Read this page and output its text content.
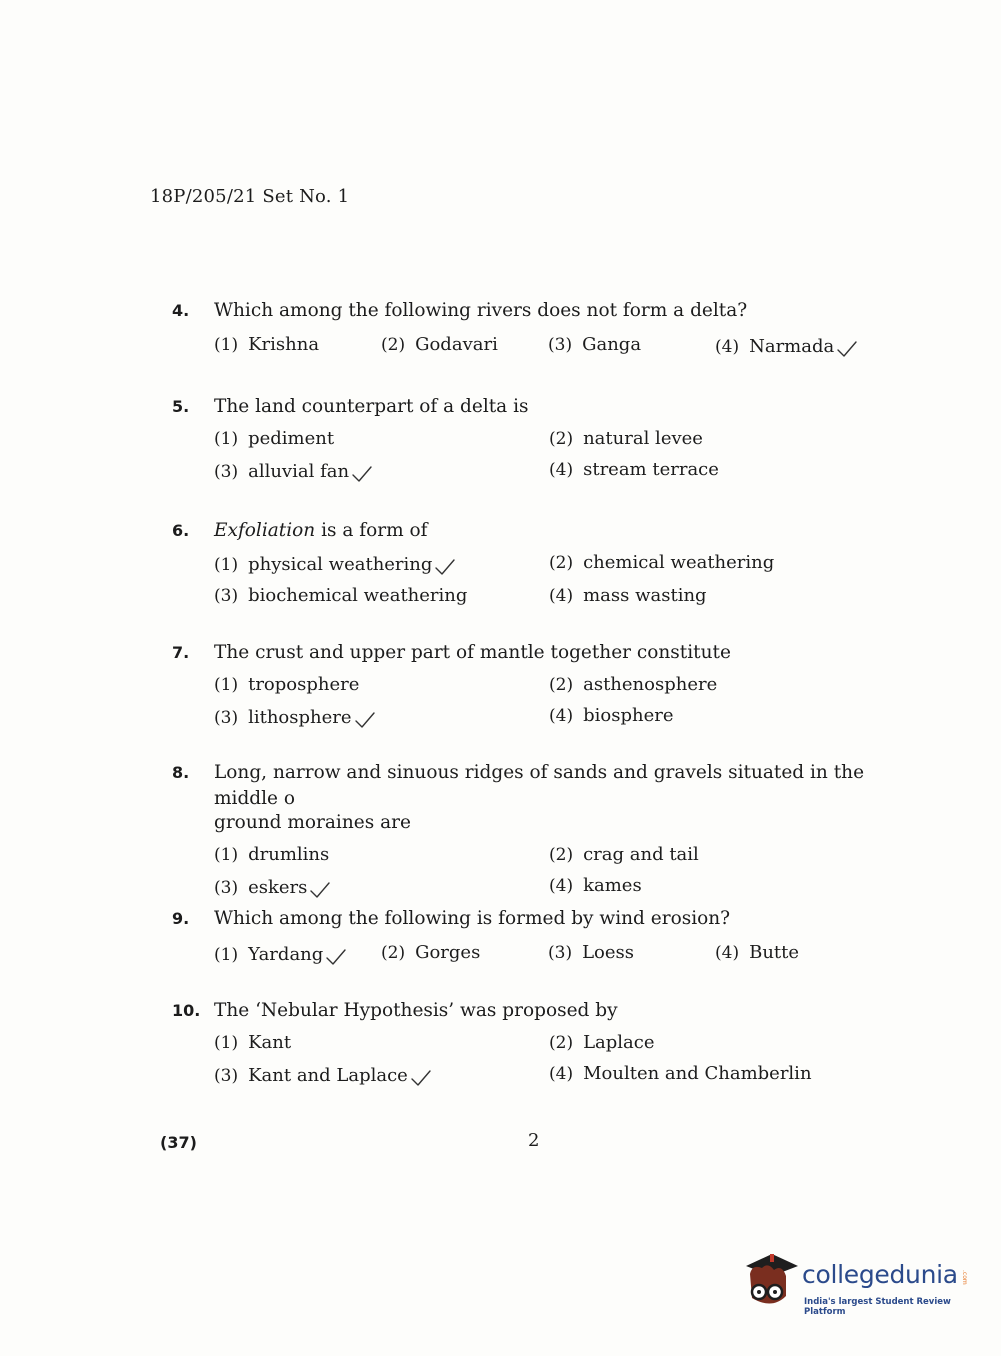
18P/205/21 Set No. 1
4.	Which among the following rivers does not form a delta?
(1) Krishna	(2) Godavari	(3) Ganga	(4) Narmada
5.	The land counterpart of a delta is
(1) pediment	(2) natural levee
(3) alluvial fan	(4) stream terrace
6.	Exfoliation is a form of
(1) physical weathering	(2) chemical weathering
(3) biochemical weathering	(4) mass wasting
7.	The crust and upper part of mantle together constitute
(1) troposphere	(2) asthenosphere
(3) lithosphere	(4) biosphere
8.	Long, narrow and sinuous ridges of sands and gravels situated in the middle o
ground moraines are
(1) drumlins	(2) crag and tail
(3) eskers	(4) kames
9.	Which among the following is formed by wind erosion?
(1) Yardang	(2) Gorges	(3) Loess	(4) Butte
10. The ‘Nebular Hypothesis’ was proposed by
(1) Kant	(2) Laplace
(3) Kant and Laplace	(4) Moulten and Chamberlin
(37)	2
collegedunia .com
India's largest Student Review Platform
